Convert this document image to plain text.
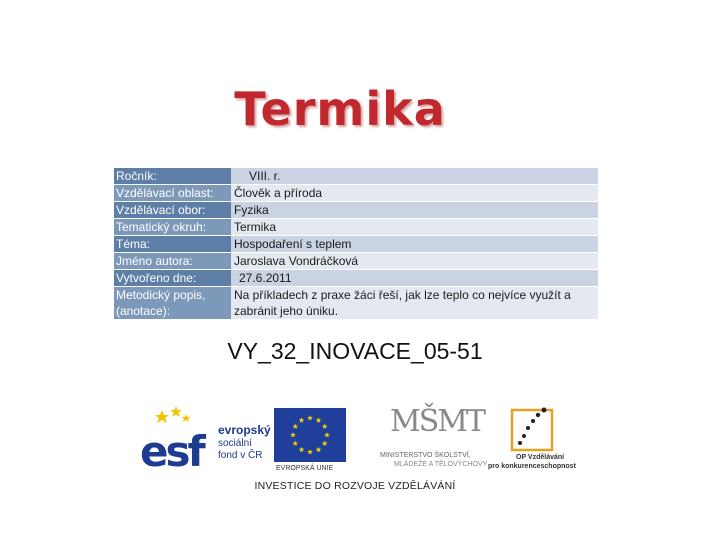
Termika
Ročník:	VIII. r.
Vzdělávací oblast:	Člověk a příroda
Vzdělávací obor:	Fyzika
Tematický okruh:	Termika
Téma:	Hospodaření s teplem
Jméno autora:	Jaroslava Vondráčková
Vytvořeno dne:	27.6.2011
Metodický popis, (anotace):	Na příkladech z praxe žáci řeší, jak lze teplo co nejvíce využít a zabránit jeho úniku.
VY_32_INOVACE_05-51
esf	evropský
sociální
fond v ČR
EVROPSKÁ UNIE
MŠMT
MINISTERSTVO ŠKOLSTVÍ,
MLÁDEŽE A TĚLOVÝCHOVY
OP Vzdělávání
pro konkurenceschopnost
INVESTICE DO ROZVOJE VZDĚLÁVÁNÍ
